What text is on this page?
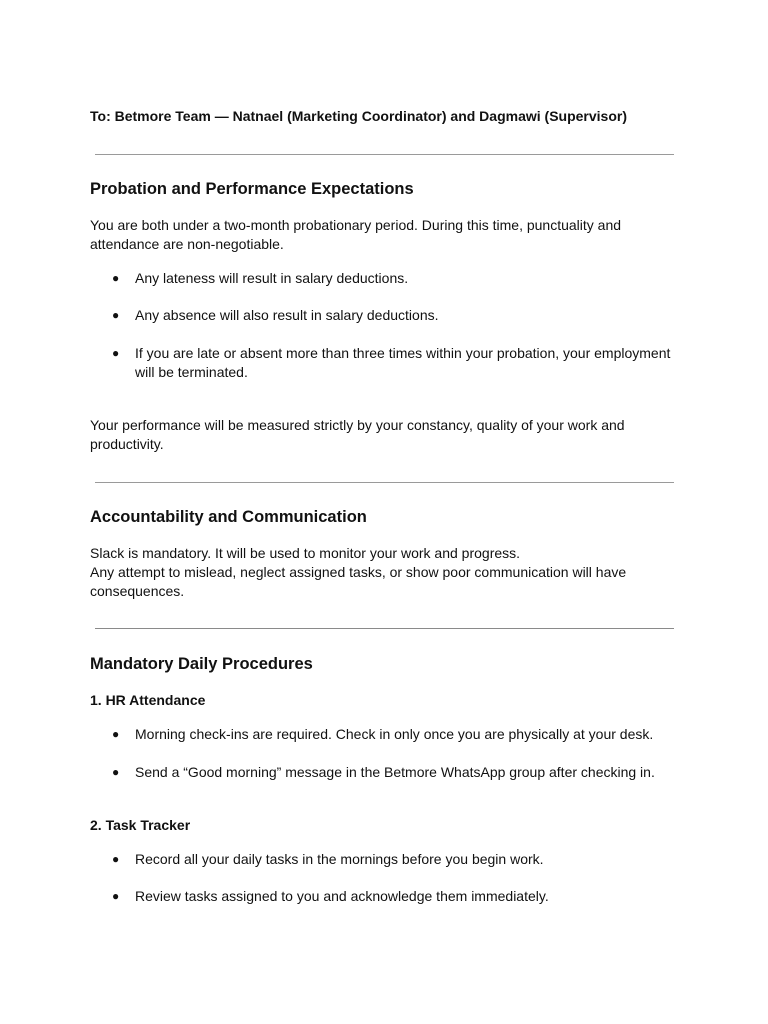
To: Betmore Team — Natnael (Marketing Coordinator) and Dagmawi (Supervisor)
Probation and Performance Expectations
You are both under a two-month probationary period. During this time, punctuality and attendance are non-negotiable.
● Any lateness will result in salary deductions.
● Any absence will also result in salary deductions.
● If you are late or absent more than three times within your probation, your employment will be terminated.
Your performance will be measured strictly by your constancy, quality of your work and productivity.
Accountability and Communication
Slack is mandatory. It will be used to monitor your work and progress.
Any attempt to mislead, neglect assigned tasks, or show poor communication will have consequences.
Mandatory Daily Procedures
1. HR Attendance
● Morning check-ins are required. Check in only once you are physically at your desk.
● Send a “Good morning” message in the Betmore WhatsApp group after checking in.
2. Task Tracker
● Record all your daily tasks in the mornings before you begin work.
● Review tasks assigned to you and acknowledge them immediately.
